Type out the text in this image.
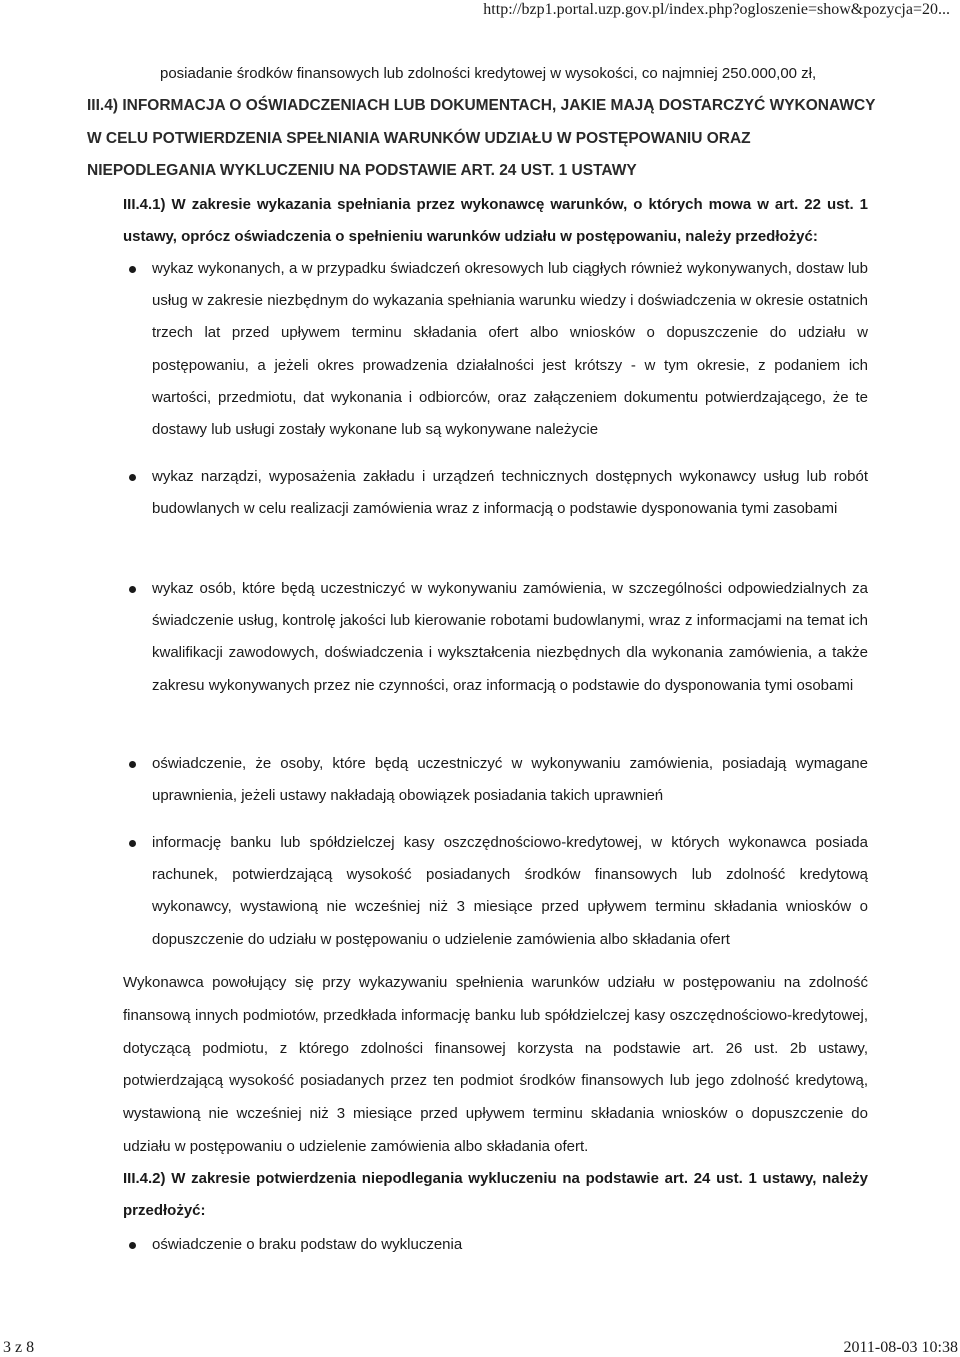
http://bzp1.portal.uzp.gov.pl/index.php?ogloszenie=show&pozycja=20...
posiadanie środków finansowych lub zdolności kredytowej w wysokości, co najmniej 250.000,00 zł,
III.4) INFORMACJA O OŚWIADCZENIACH LUB DOKUMENTACH, JAKIE MAJĄ DOSTARCZYĆ WYKONAWCY
W CELU POTWIERDZENIA SPEŁNIANIA WARUNKÓW UDZIAŁU W POSTĘPOWANIU ORAZ
NIEPODLEGANIA WYKLUCZENIU NA PODSTAWIE ART. 24 UST. 1 USTAWY
III.4.1) W zakresie wykazania spełniania przez wykonawcę warunków, o których mowa w art. 22 ust. 1 ustawy, oprócz oświadczenia o spełnieniu warunków udziału w postępowaniu, należy przedłożyć:
wykaz wykonanych, a w przypadku świadczeń okresowych lub ciągłych również wykonywanych, dostaw lub usług w zakresie niezbędnym do wykazania spełniania warunku wiedzy i doświadczenia w okresie ostatnich trzech lat przed upływem terminu składania ofert albo wniosków o dopuszczenie do udziału w postępowaniu, a jeżeli okres prowadzenia działalności jest krótszy - w tym okresie, z podaniem ich wartości, przedmiotu, dat wykonania i odbiorców, oraz załączeniem dokumentu potwierdzającego, że te dostawy lub usługi zostały wykonane lub są wykonywane należycie
wykaz narządzi, wyposażenia zakładu i urządzeń technicznych dostępnych wykonawcy usług lub robót budowlanych w celu realizacji zamówienia wraz z informacją o podstawie dysponowania tymi zasobami
wykaz osób, które będą uczestniczyć w wykonywaniu zamówienia, w szczególności odpowiedzialnych za świadczenie usług, kontrolę jakości lub kierowanie robotami budowlanymi, wraz z informacjami na temat ich kwalifikacji zawodowych, doświadczenia i wykształcenia niezbędnych dla wykonania zamówienia, a także zakresu wykonywanych przez nie czynności, oraz informacją o podstawie do dysponowania tymi osobami
oświadczenie, że osoby, które będą uczestniczyć w wykonywaniu zamówienia, posiadają wymagane uprawnienia, jeżeli ustawy nakładają obowiązek posiadania takich uprawnień
informację banku lub spółdzielczej kasy oszczędnościowo-kredytowej, w których wykonawca posiada rachunek, potwierdzającą wysokość posiadanych środków finansowych lub zdolność kredytową wykonawcy, wystawioną nie wcześniej niż 3 miesiące przed upływem terminu składania wniosków o dopuszczenie do udziału w postępowaniu o udzielenie zamówienia albo składania ofert
Wykonawca powołujący się przy wykazywaniu spełnienia warunków udziału w postępowaniu na zdolność finansową innych podmiotów, przedkłada informację banku lub spółdzielczej kasy oszczędnościowo-kredytowej, dotyczącą podmiotu, z którego zdolności finansowej korzysta na podstawie art. 26 ust. 2b ustawy, potwierdzającą wysokość posiadanych przez ten podmiot środków finansowych lub jego zdolność kredytową, wystawioną nie wcześniej niż 3 miesiące przed upływem terminu składania wniosków o dopuszczenie do udziału w postępowaniu o udzielenie zamówienia albo składania ofert.
III.4.2) W zakresie potwierdzenia niepodlegania wykluczeniu na podstawie art. 24 ust. 1 ustawy, należy przedłożyć:
oświadczenie o braku podstaw do wykluczenia
3 z 8	2011-08-03 10:38
